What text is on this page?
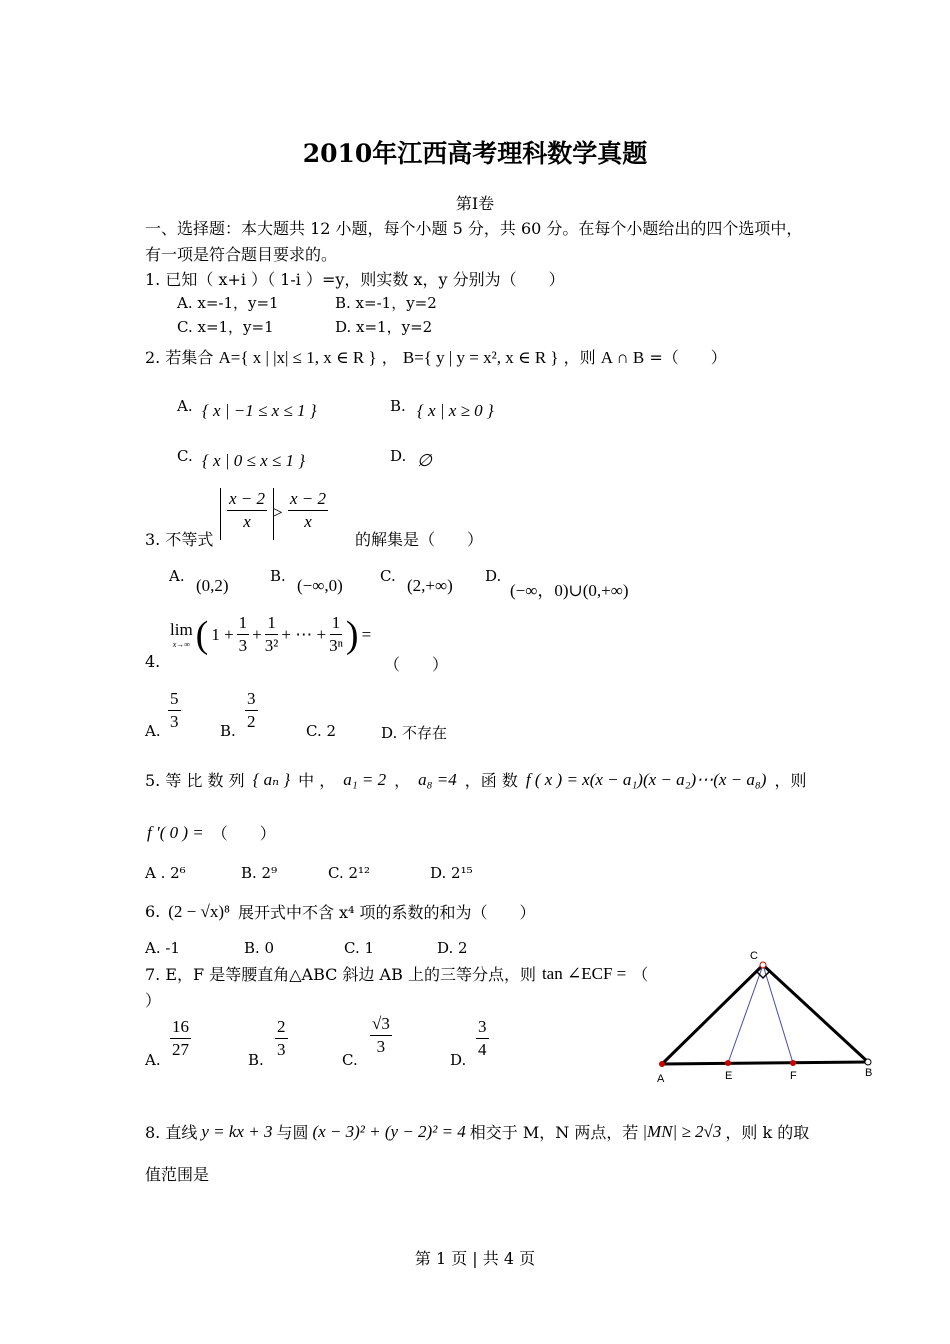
2010年江西高考理科数学真题
第Ⅰ卷
一、选择题：本大题共 12 小题，每个小题 5 分，共 60 分。在每个小题给出的四个选项中，
有一项是符合题目要求的。
1. 已知（ x+i ）（ 1-i ）=y，则实数 x，y 分别为（　　）
A. x=-1，y=1	B. x=-1，y=2
C. x=1，y=1	D. x=1，y=2
2. 若集合 A={ x | |x| ≤ 1, x ∈ R } ， B={ y | y = x², x ∈ R } ，则 A ∩ B =（　　）
A. { x | −1 ≤ x ≤ 1 }	B. { x | x ≥ 0 }
C. { x | 0 ≤ x ≤ 1 }	D. ∅
3. 不等式
$\frac{x - 2}{x} > \frac{x - 2}{x}$
的解集是（　　）
A. (0,2)	B. (−∞,0) C. (2,+∞) D.
(−∞，0)∪(0,+∞)
4.
lim
x→∞ ( $1 + \frac{1}{3} + \frac{1}{\text{3²}}$ + ⋯ + $\frac{1}{\text{3ⁿ}}$ ) =
（　　）
A. $\frac{5}{3}$	B. $\frac{3}{2}$	C. 2	D. 不存在
5. 等 比 数 列 { aₙ } 中 ， a₁ = 2 ， a₈ =4 ，函 数 f ( x ) = x(x − a₁)(x − a₂)⋯(x − a₈) ，则
f ′( 0 ) = （　　）
A . 2⁶	B. 2⁹	C. 2¹²	D. 2¹⁵
6. (2 − √x)⁸ 展开式中不含 x⁴ 项的系数的和为（　　）
A. -1	B. 0	C. 1	D. 2
7. E，F 是等腰直角△ABC 斜边 AB 上的三等分点，则 tan ∠ECF = （
）
A. $\frac{16}{27}$	B. $\frac{2}{3}$	C.
$\frac{√3}{3}$
D. $\frac{3}{4}$
C
A	E	F	B
8. 直线 y = kx + 3 与圆 (x − 3)² + (y − 2)² = 4 相交于 M，N 两点，若 |MN| ≥ 2√3 ，则 k 的取
值范围是
第 1 页 | 共 4 页
